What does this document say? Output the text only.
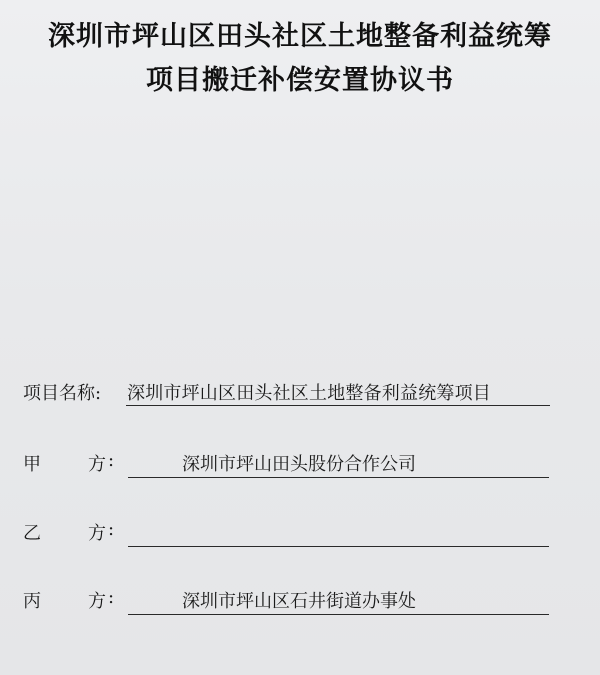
深圳市坪山区田头社区土地整备利益统筹
项目搬迁补偿安置协议书
项目名称: 深圳市坪山区田头社区土地整备利益统筹项目
甲	方 :	深圳市坪山田头股份合作公司
乙	方 :
丙	方 :	深圳市坪山区石井街道办事处
